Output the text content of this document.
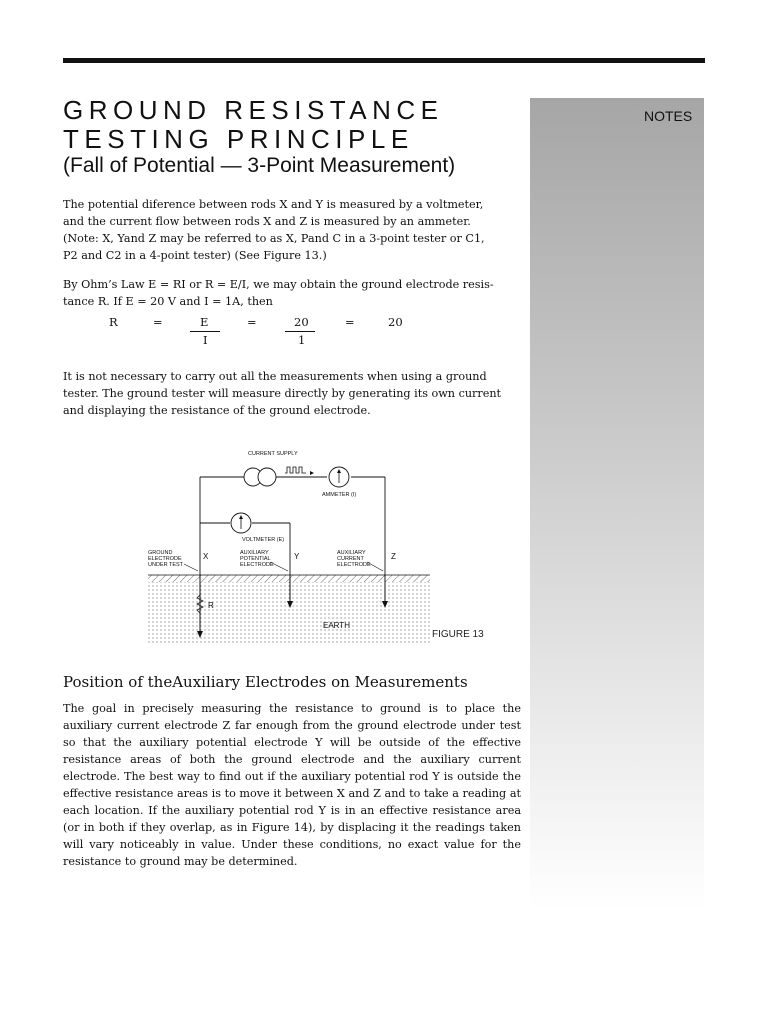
NOTES
GROUND RESISTANCE
TESTING PRINCIPLE
(Fall of Potential — 3-Point Measurement)
The potential diference between rods X and Y is measured by a voltmeter,
and the current flow between rods X and Z is measured by an ammeter.
(Note: X, Yand Z may be referred to as X, Pand C in a 3-point tester or C1,
P2 and C2 in a 4-point tester) (See Figure 13.)
By Ohm’s Law E = RI or R = E/I, we may obtain the ground electrode resis-
tance R. If E = 20 V and I = 1A, then
R	=	E
I
=	20
1
=	20
It is not necessary to carry out all the measurements when using a ground
tester. The ground tester will measure directly by generating its own current
and displaying the resistance of the ground electrode.
CURRENT SUPPLY
AMMETER (I)
VOLTMETER (E)
GROUND
ELECTRODE
UNDER TEST
X	AUXILIARY
POTENTIAL
ELECTRODE
Y	AUXILIARY
CURRENT
ELECTRODE
Z
R
EARTH
FIGURE 13
Position of theAuxiliary Electrodes on Measurements

The goal in precisely measuring the resistance to ground is to place the auxiliary current electrode Z far enough from the ground electrode under test so that the auxiliary potential electrode Y will be outside of the effective resistance areas of both the ground electrode and the auxiliary current electrode. The best way to find out if the auxiliary potential rod Y is outside the effective resistance areas is to move it between X and Z and to take a reading at each location. If the auxiliary potential rod Y is in an effective resistance area (or in both if they overlap, as in Figure 14), by displacing it the readings taken will vary noticeably in value. Under these conditions, no exact value for the resistance to ground may be determined.
